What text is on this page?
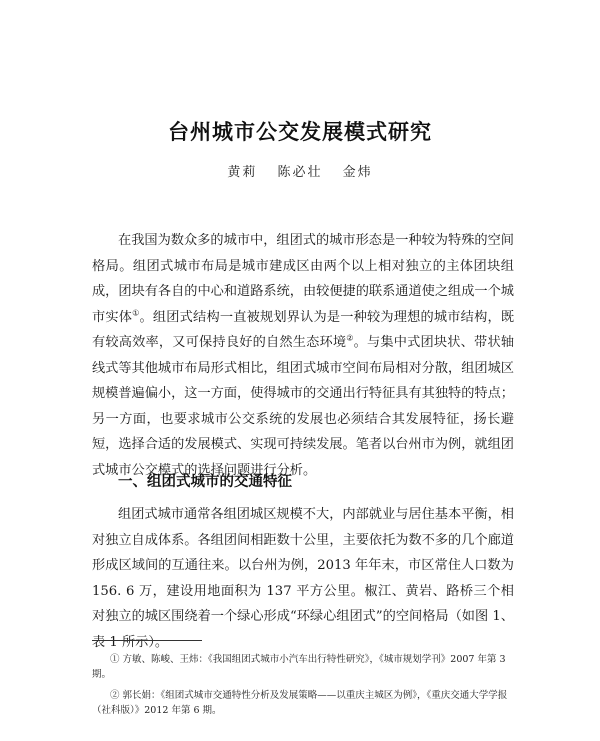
台州城市公交发展模式研究
黄莉 陈必壮 金炜

在我国为数众多的城市中，组团式的城市形态是一种较为特殊的空间格局。组团式城市布局是城市建成区由两个以上相对独立的主体团块组成，团块有各自的中心和道路系统，由较便捷的联系通道使之组成一个城市实体①。组团式结构一直被规划界认为是一种较为理想的城市结构，既有较高效率，又可保持良好的自然生态环境②。与集中式团块状、带状轴线式等其他城市布局形式相比，组团式城市空间布局相对分散，组团城区规模普遍偏小，这一方面，使得城市的交通出行特征具有其独特的特点；另一方面，也要求城市公交系统的发展也必须结合其发展特征，扬长避短，选择合适的发展模式、实现可持续发展。笔者以台州市为例，就组团式城市公交模式的选择问题进行分析。

一、组团式城市的交通特征

组团式城市通常各组团城区规模不大，内部就业与居住基本平衡，相对独立自成体系。各组团间相距数十公里，主要依托为数不多的几个廊道形成区域间的互通往来。以台州为例，2013 年年末，市区常住人口数为 156. 6 万，建设用地面积为 137 平方公里。椒江、黄岩、路桥三个相对独立的城区围绕着一个绿心形成“环绿心组团式”的空间格局（如图 1、表 1 所示）。

① 方敏、陈峻、王炜：《我国组团式城市小汽车出行特性研究》，《城市规划学刊》2007 年第 3 期。

② 郭长娟：《组团式城市交通特性分析及发展策略——以重庆主城区为例》，《重庆交通大学学报（社科版）》2012 年第 6 期。
